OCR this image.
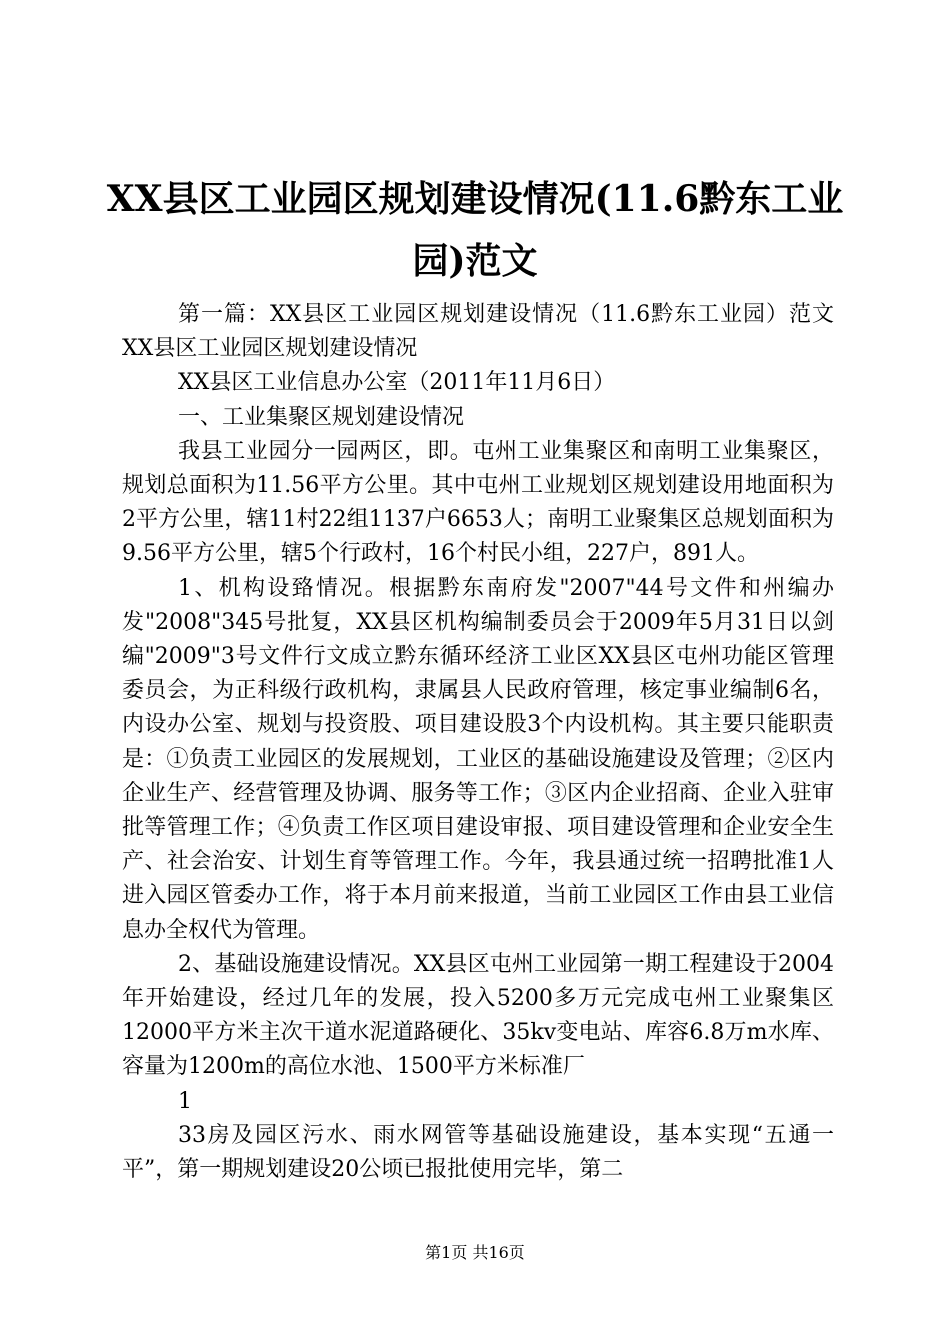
XX县区工业园区规划建设情况(11.6黔东工业
园)范文

第一篇：XX县区工业园区规划建设情况（11.6黔东工业园）范文XX县区工业园区规划建设情况

XX县区工业信息办公室（2011年11月6日）

一、工业集聚区规划建设情况

我县工业园分一园两区，即。屯州工业集聚区和南明工业集聚区，规划总面积为11.56平方公里。其中屯州工业规划区规划建设用地面积为2平方公里，辖11村22组1137户6653人；南明工业聚集区总规划面积为9.56平方公里，辖5个行政村，16个村民小组，227户，891人。

1、机构设臵情况。根据黔东南府发"2007"44号文件和州编办发"2008"345号批复，XX县区机构编制委员会于2009年5月31日以剑编"2009"3号文件行文成立黔东循环经济工业区XX县区屯州功能区管理委员会，为正科级行政机构，隶属县人民政府管理，核定事业编制6名，内设办公室、规划与投资股、项目建设股3个内设机构。其主要只能职责是：①负责工业园区的发展规划，工业区的基础设施建设及管理；②区内企业生产、经营管理及协调、服务等工作；③区内企业招商、企业入驻审批等管理工作；④负责工作区项目建设审报、项目建设管理和企业安全生产、社会治安、计划生育等管理工作。今年，我县通过统一招聘批准1人进入园区管委办工作，将于本月前来报道，当前工业园区工作由县工业信息办全权代为管理。

2、基础设施建设情况。XX县区屯州工业园第一期工程建设于2004年开始建设，经过几年的发展，投入5200多万元完成屯州工业聚集区12000平方米主次干道水泥道路硬化、35kv变电站、库容6.8万m水库、容量为1200m的高位水池、1500平方米标准厂

1

33房及园区污水、雨水网管等基础设施建设，基本实现“五通一平”，第一期规划建设20公顷已报批使用完毕，第二

第1页 共16页
